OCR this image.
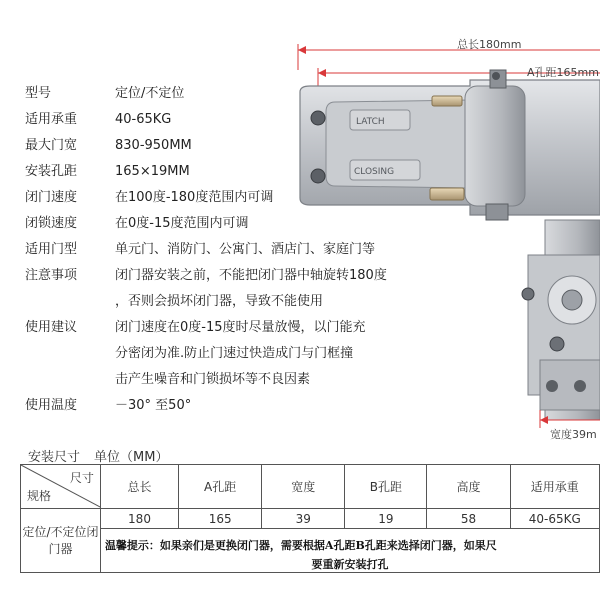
型号	定位/不定位
适用承重	40-65KG
最大门宽	830-950MM
安装孔距	165×19MM
闭门速度	在100度-180度范围内可调
闭锁速度	在0度-15度范围内可调
适用门型	单元门、消防门、公寓门、酒店门、家庭门等
注意事项	闭门器安装之前，不能把闭门器中轴旋转180度
，否则会损坏闭门器，导致不能使用
使用建议	闭门速度在0度-15度时尽量放慢，以门能充
分密闭为准.防止门速过快造成门与门框撞
击产生噪音和门锁损坏等不良因素
使用温度	－30° 至50°
LATCH
CLOSING
总长180mm
A孔距165mm
宽度39m
安装尺寸 单位（MM）
尺寸
规格	总长	A孔距	宽度	B孔距	高度	适用承重
定位/不定位闭门器	180	165	39	19	58	40-65KG

	温馨提示：如果亲们是更换闭门器，需要根据A孔距B孔距来选择闭门器，如果尺
要重新安装打孔					
